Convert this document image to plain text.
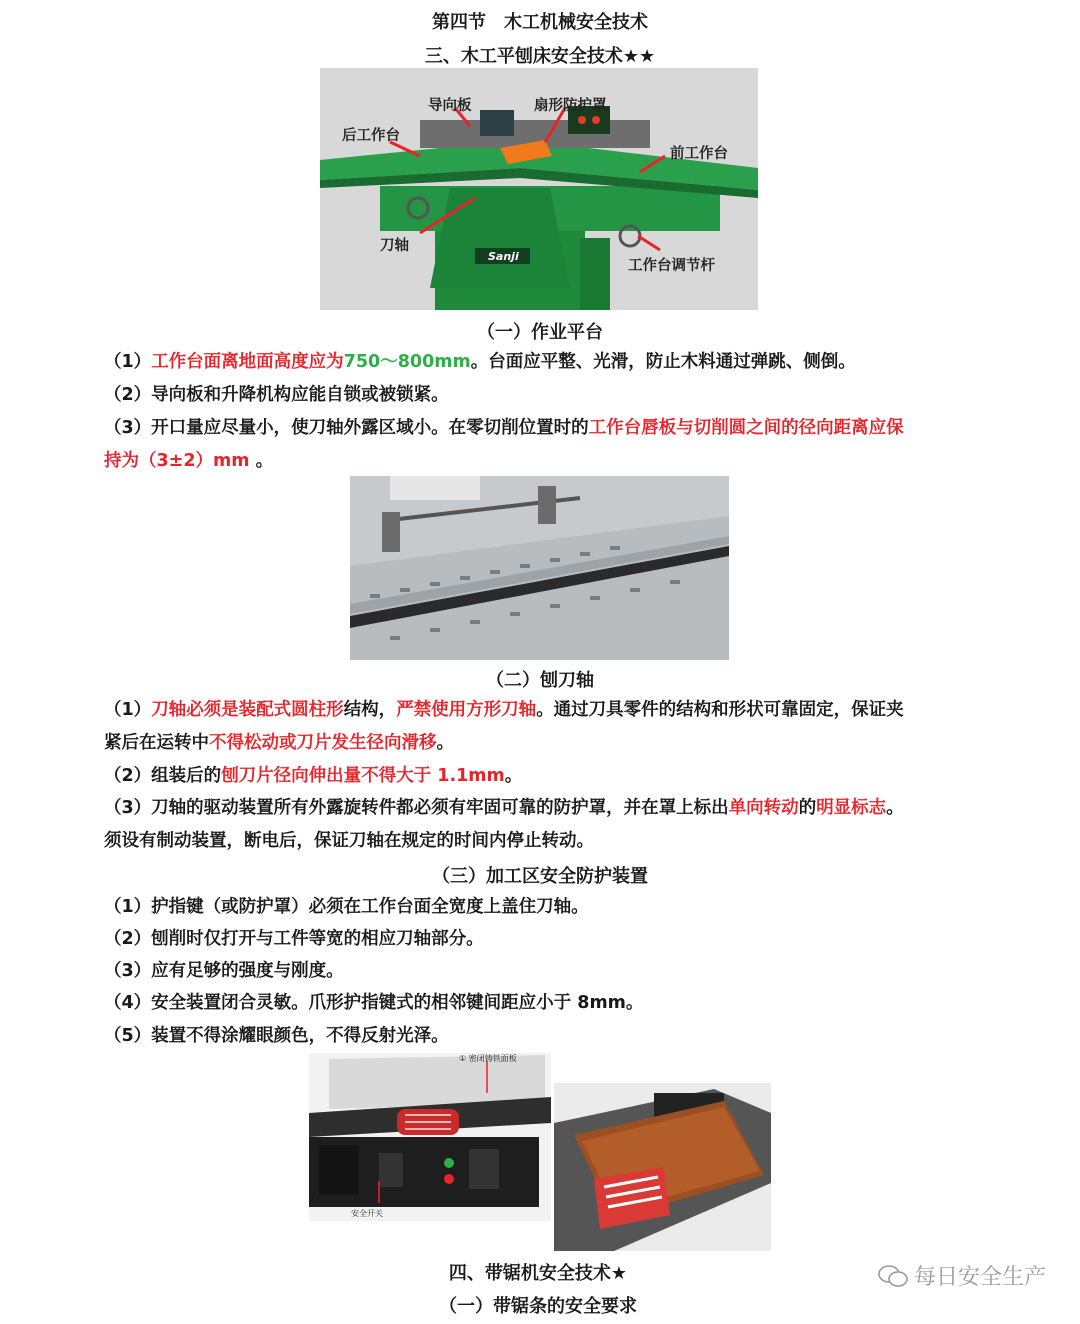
第四节　木工机械安全技术
三、木工平刨床安全技术★★
导向板	扇形防护罩
后工作台
前工作台
刀轴
工作台调节杆
Sanji
（一）作业平台
（1）工作台面离地面高度应为750～800mm。台面应平整、光滑，防止木料通过弹跳、侧倒。
（2）导向板和升降机构应能自锁或被锁紧。
（3）开口量应尽量小，使刀轴外露区域小。在零切削位置时的工作台唇板与切削圆之间的径向距离应保
持为（3±2）mm 。
（二）刨刀轴
（1）刀轴必须是装配式圆柱形结构，严禁使用方形刀轴。通过刀具零件的结构和形状可靠固定，保证夹
紧后在运转中不得松动或刀片发生径向滑移。
（2）组装后的刨刀片径向伸出量不得大于 1.1mm。
（3）刀轴的驱动装置所有外露旋转件都必须有牢固可靠的防护罩，并在罩上标出单向转动的明显标志。
须设有制动装置，断电后，保证刀轴在规定的时间内停止转动。
（三）加工区安全防护装置
（1）护指键（或防护罩）必须在工作台面全宽度上盖住刀轴。
（2）刨削时仅打开与工件等宽的相应刀轴部分。
（3）应有足够的强度与刚度。
（4）安全装置闭合灵敏。爪形护指键式的相邻键间距应小于 8mm。
（5）装置不得涂耀眼颜色，不得反射光泽。
① 密闭铸铁面板
安全开关
四、带锯机安全技术★
（一）带锯条的安全要求
每日安全生产
